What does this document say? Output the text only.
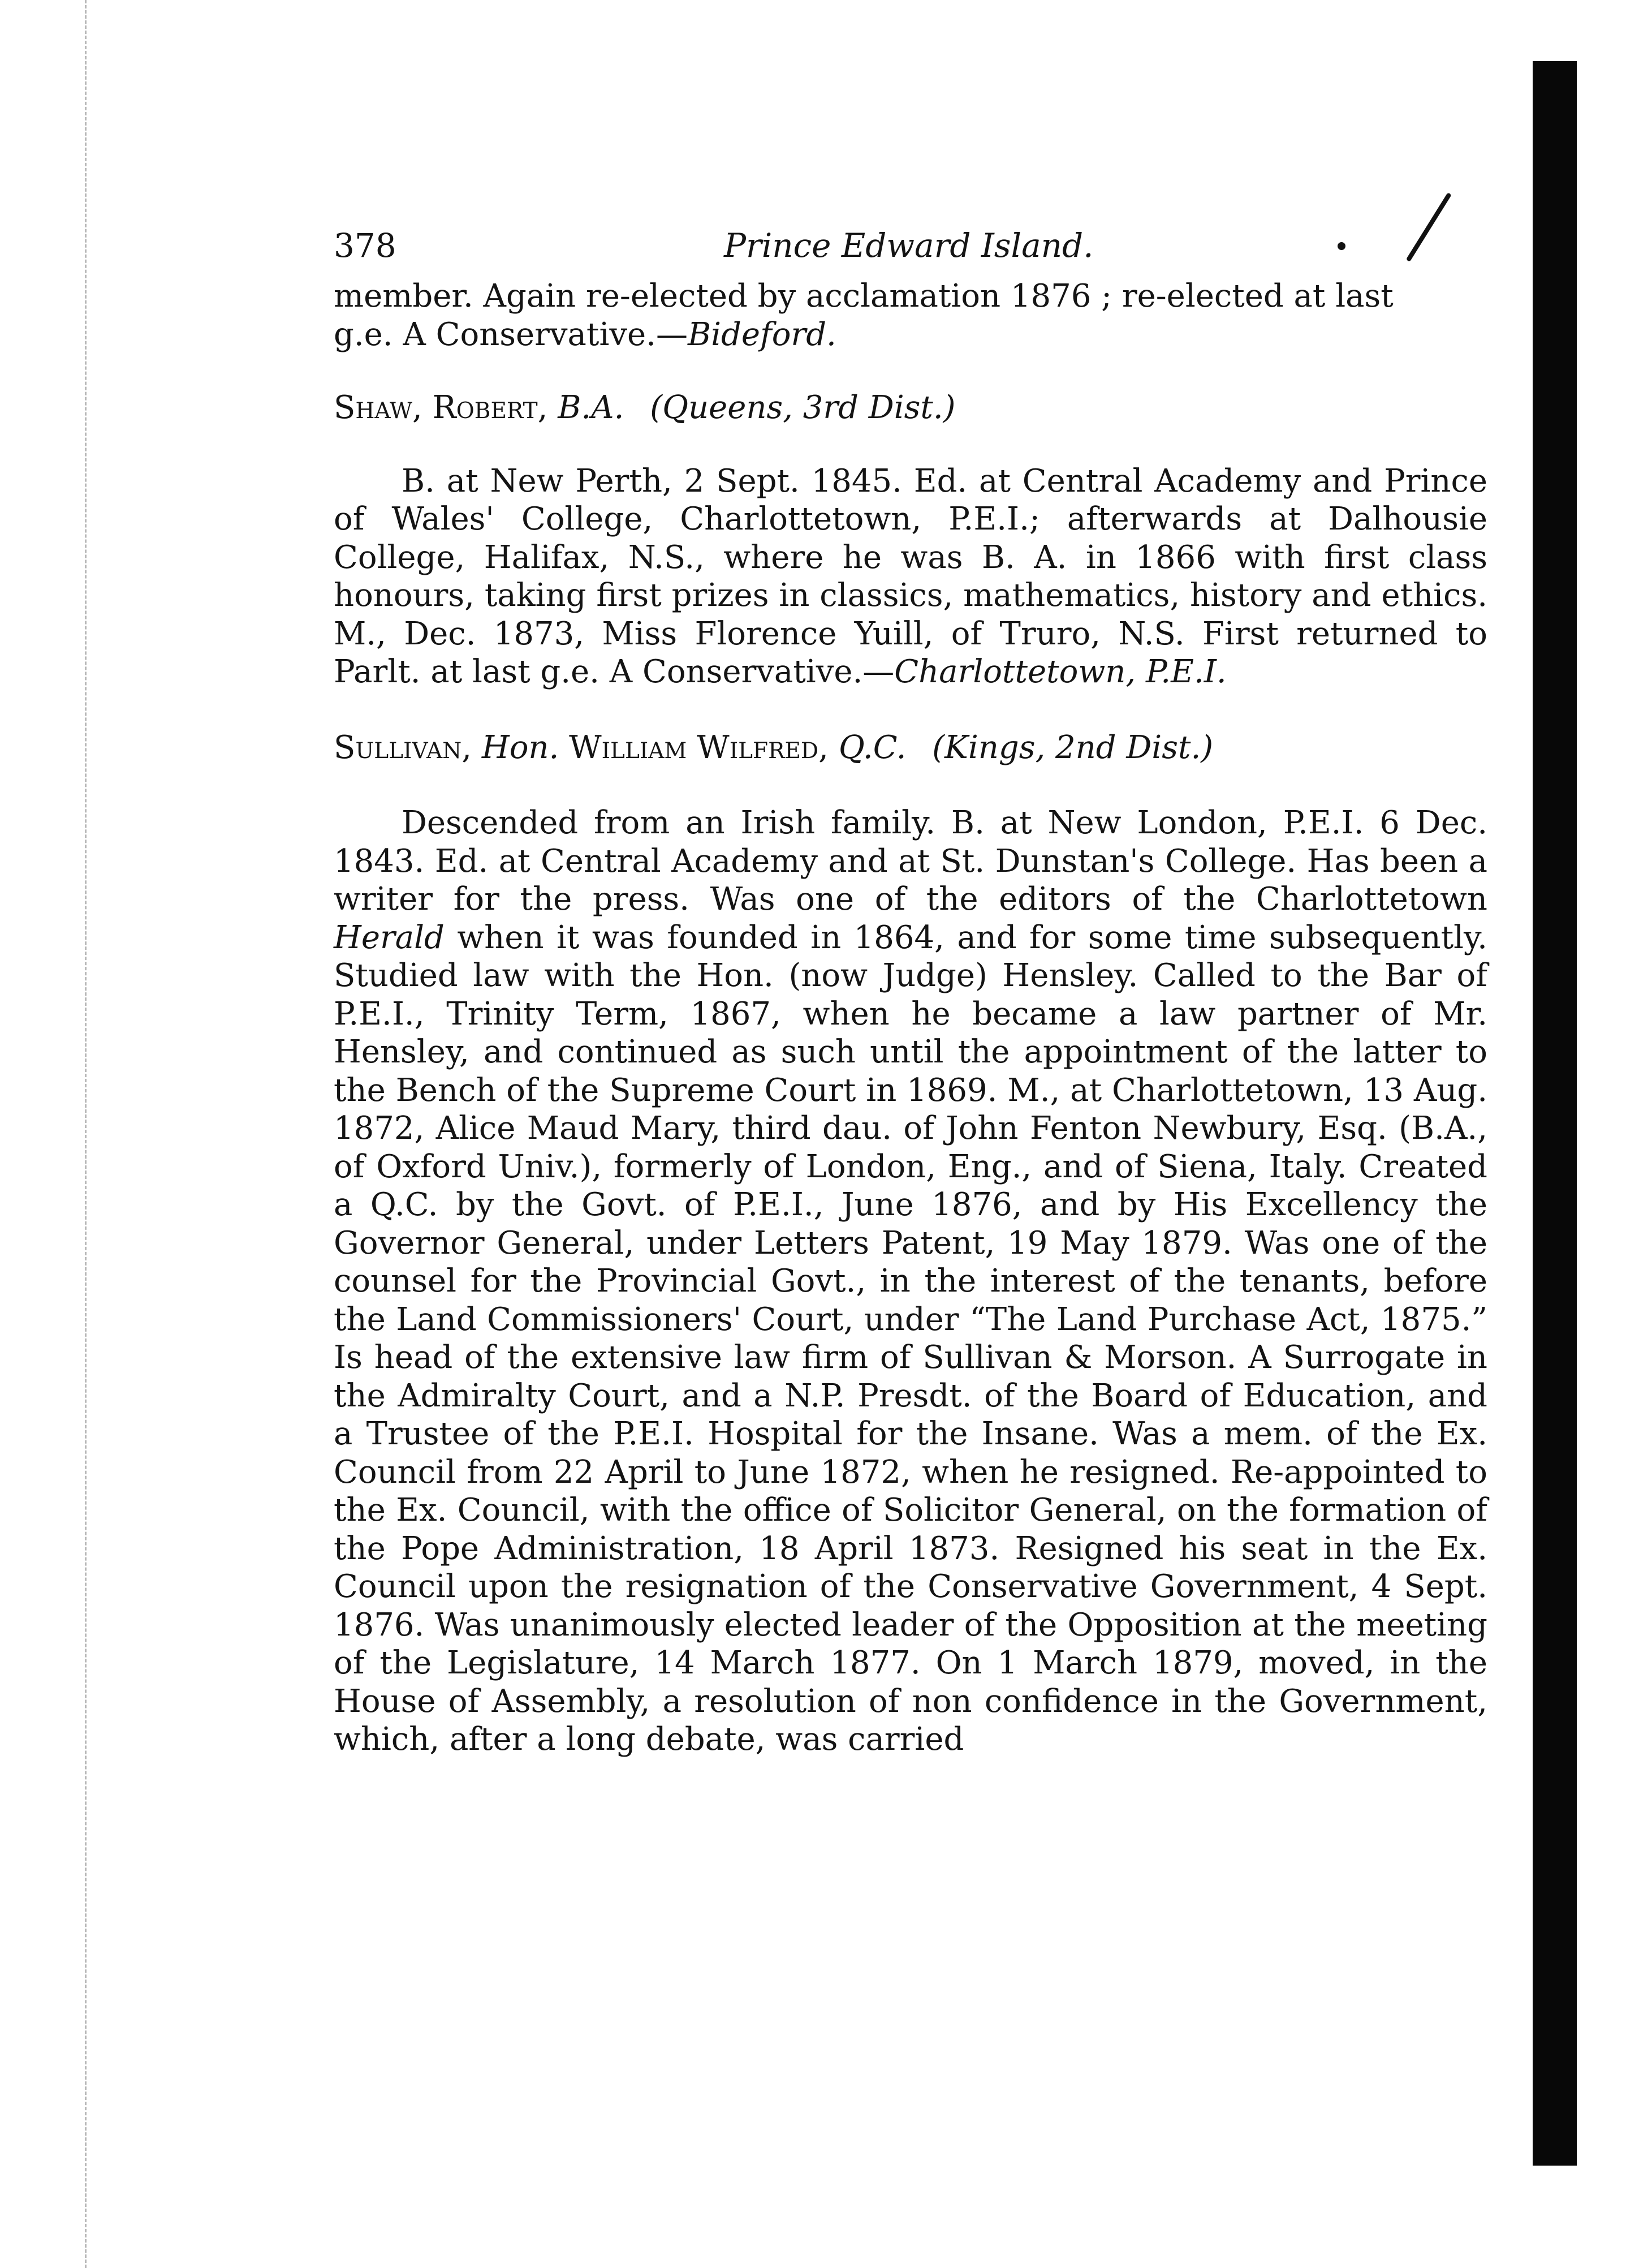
378	Prince Edward Island.

member. Again re-elected by acclamation 1876 ; re-elected at last
g.e. A Conservative.—Bideford.

Shaw, Robert, B.A. (Queens, 3rd Dist.)

B. at New Perth, 2 Sept. 1845. Ed. at Central Academy and Prince of Wales' College, Charlottetown, P.E.I.; afterwards at Dalhousie College, Halifax, N.S., where he was B. A. in 1866 with first class honours, taking first prizes in classics, mathematics, history and ethics. M., Dec. 1873, Miss Florence Yuill, of Truro, N.S. First returned to Parlt. at last g.e. A Conservative.—Charlottetown, P.E.I.

Sullivan, Hon. William Wilfred, Q.C. (Kings, 2nd Dist.)

Descended from an Irish family. B. at New London, P.E.I. 6 Dec. 1843. Ed. at Central Academy and at St. Dunstan's College. Has been a writer for the press. Was one of the editors of the Charlottetown Herald when it was founded in 1864, and for some time subsequently. Studied law with the Hon. (now Judge) Hensley. Called to the Bar of P.E.I., Trinity Term, 1867, when he became a law partner of Mr. Hensley, and continued as such until the appointment of the latter to the Bench of the Supreme Court in 1869. M., at Charlottetown, 13 Aug. 1872, Alice Maud Mary, third dau. of John Fenton Newbury, Esq. (B.A., of Oxford Univ.), formerly of London, Eng., and of Siena, Italy. Created a Q.C. by the Govt. of P.E.I., June 1876, and by His Excellency the Governor General, under Letters Patent, 19 May 1879. Was one of the counsel for the Provincial Govt., in the interest of the tenants, before the Land Commissioners' Court, under “The Land Purchase Act, 1875.” Is head of the extensive law firm of Sullivan & Morson. A Surrogate in the Admiralty Court, and a N.P. Presdt. of the Board of Education, and a Trustee of the P.E.I. Hospital for the Insane. Was a mem. of the Ex. Council from 22 April to June 1872, when he resigned. Re-appointed to the Ex. Council, with the office of Solicitor General, on the formation of the Pope Administration, 18 April 1873. Resigned his seat in the Ex. Council upon the resignation of the Conservative Government, 4 Sept. 1876. Was unanimously elected leader of the Opposition at the meeting of the Legislature, 14 March 1877. On 1 March 1879, moved, in the House of Assembly, a resolution of non confidence in the Government, which, after a long debate, was carried
